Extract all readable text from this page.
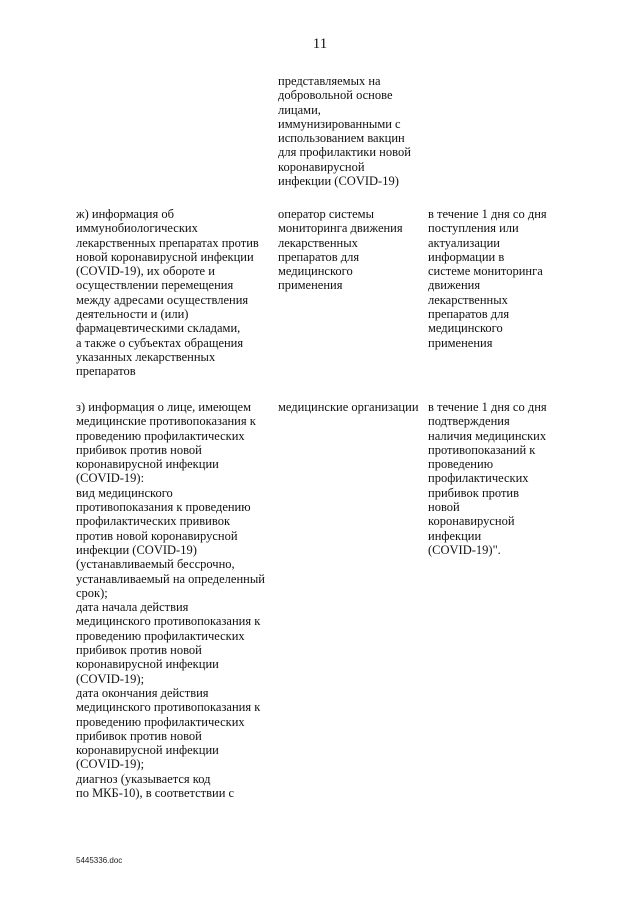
11
представляемых на
добровольной основе
лицами,
иммунизированными с
использованием вакцин
для профилактики новой
коронавирусной
инфекции (COVID-19)
ж) информация об
иммунобиологических
лекарственных препаратах против
новой коронавирусной инфекции
(COVID-19), их обороте и
осуществлении перемещения
между адресами осуществления
деятельности и (или)
фармацевтическими складами,
а также о субъектах обращения
указанных лекарственных
препаратов
оператор системы
мониторинга движения
лекарственных
препаратов для
медицинского
применения
в течение 1 дня со дня
поступления или
актуализации
информации в
системе мониторинга
движения
лекарственных
препаратов для
медицинского
применения
з) информация о лице, имеющем
медицинские противопоказания к
проведению профилактических
прибивок против новой
коронавирусной инфекции
(COVID-19):
вид медицинского
противопоказания к проведению
профилактических прививок
против новой коронавирусной
инфекции (COVID-19)
(устанавливаемый бессрочно,
устанавливаемый на определенный
срок);
дата начала действия
медицинского противопоказания к
проведению профилактических
прибивок против новой
коронавирусной инфекции
(COVID-19);
дата окончания действия
медицинского противопоказания к
проведению профилактических
прибивок против новой
коронавирусной инфекции
(COVID-19);
диагноз (указывается код
по МКБ-10), в соответствии с
медицинские организации в течение 1 дня со дня
подтверждения
наличия медицинских
противопоказаний к
проведению
профилактических
прибивок против
новой
коронавирусной
инфекции
(COVID-19)".
5445336.doc
